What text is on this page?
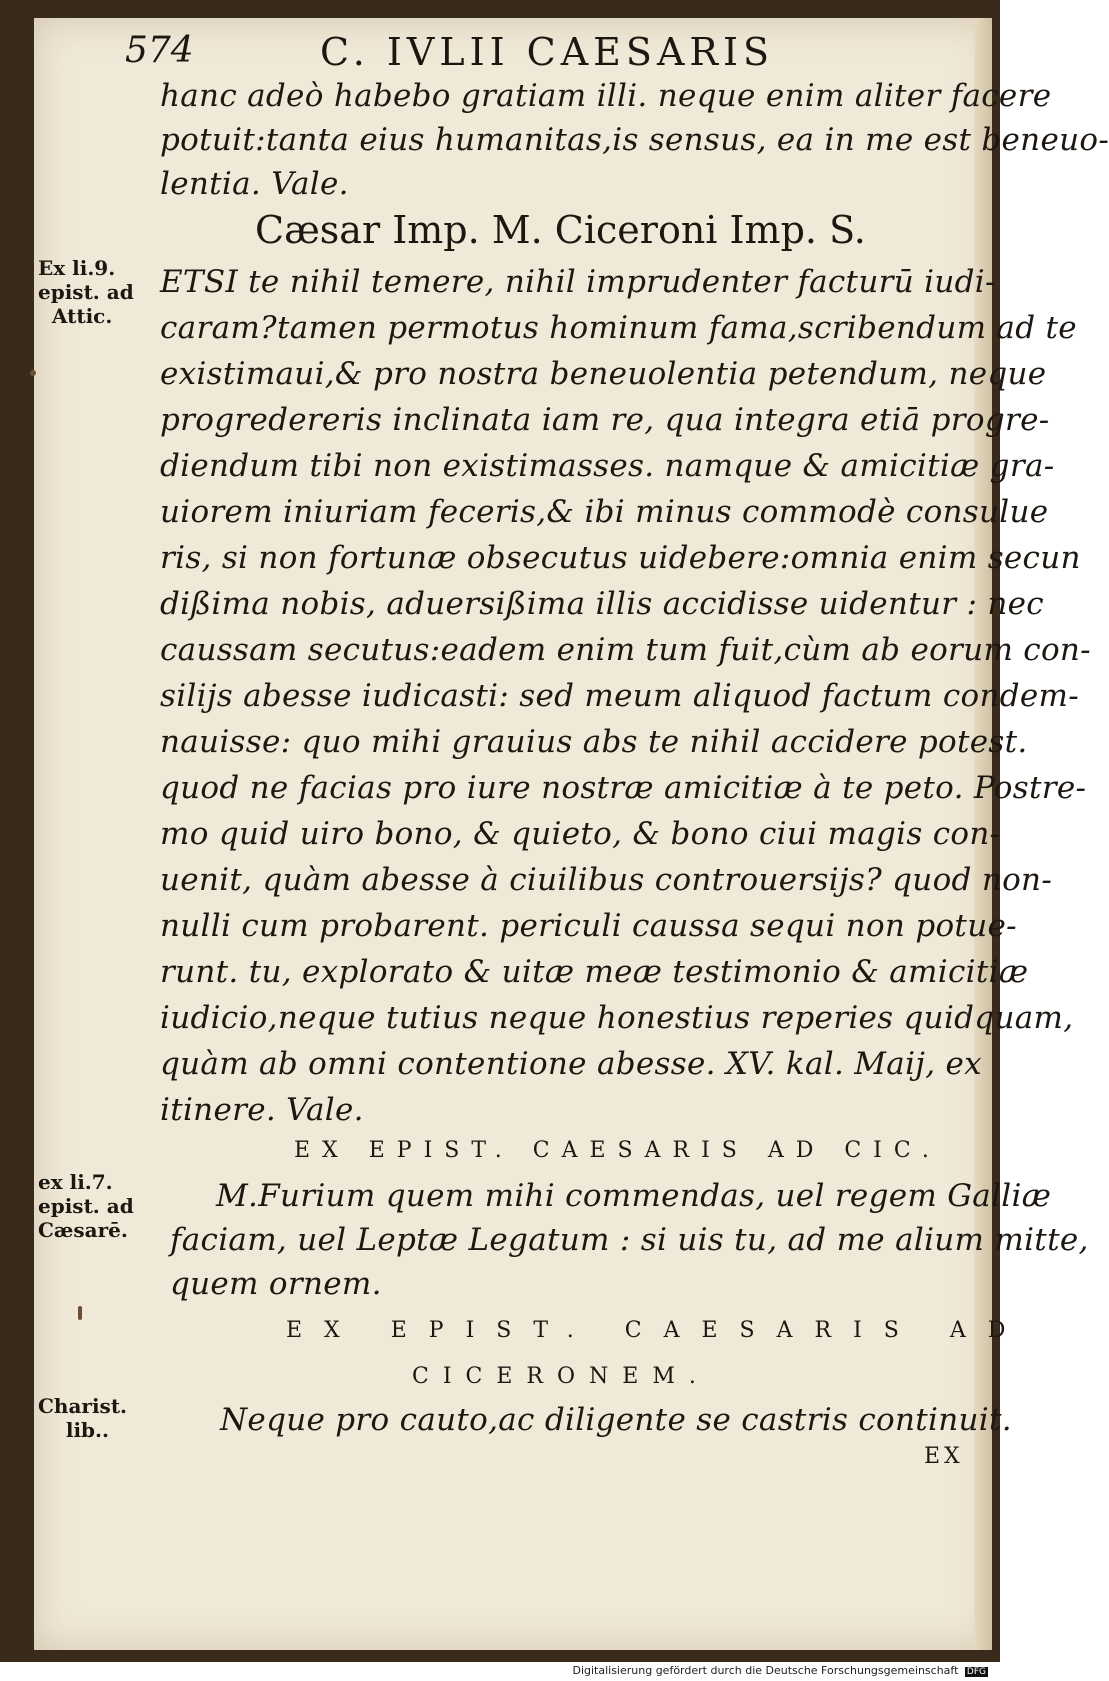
574	C. IVLII CAESARIS
hanc adeò habebo gratiam illi. neque enim aliter facere
potuit:tanta eius humanitas,is sensus, ea in me est beneuo-
lentia. Vale.
Cæsar Imp. M. Ciceroni Imp. S.
Ex li.9.
epist. ad
Attic.
ex li.7.
epist. ad
Cæsarē.
Charist.
lib..
ETSI te nihil temere, nihil imprudenter facturū iudi-
caram?tamen permotus hominum fama,scribendum ad te
existimaui,& pro nostra beneuolentia petendum, neque
progredereris inclinata iam re, qua integra etiā progre-
diendum tibi non existimasses. namque & amicitiæ gra-
uiorem iniuriam feceris,& ibi minus commodè consulue
ris, si non fortunæ obsecutus uidebere:omnia enim secun
dißima nobis, aduersißima illis accidisse uidentur : nec
caussam secutus:eadem enim tum fuit,cùm ab eorum con-
silijs abesse iudicasti: sed meum aliquod factum condem-
nauisse: quo mihi grauius abs te nihil accidere potest.
quod ne facias pro iure nostræ amicitiæ à te peto. Postre-
mo quid uiro bono, & quieto, & bono ciui magis con-
uenit, quàm abesse à ciuilibus controuersijs? quod non-
nulli cum probarent. periculi caussa sequi non potue-
runt. tu, explorato & uitæ meæ testimonio & amicitiæ
iudicio,neque tutius neque honestius reperies quidquam,
quàm ab omni contentione abesse. XV. kal. Maij, ex
itinere. Vale.
EX EPIST. CAESARIS AD CIC.
M.Furium quem mihi commendas, uel regem Galliæ
faciam, uel Leptæ Legatum : si uis tu, ad me alium mitte,
quem ornem.
EX EPIST. CAESARIS AD
CICERONEM.
Neque pro cauto,ac diligente se castris continuit.
EX
Digitalisierung gefördert durch die Deutsche Forschungsgemeinschaft DFG
